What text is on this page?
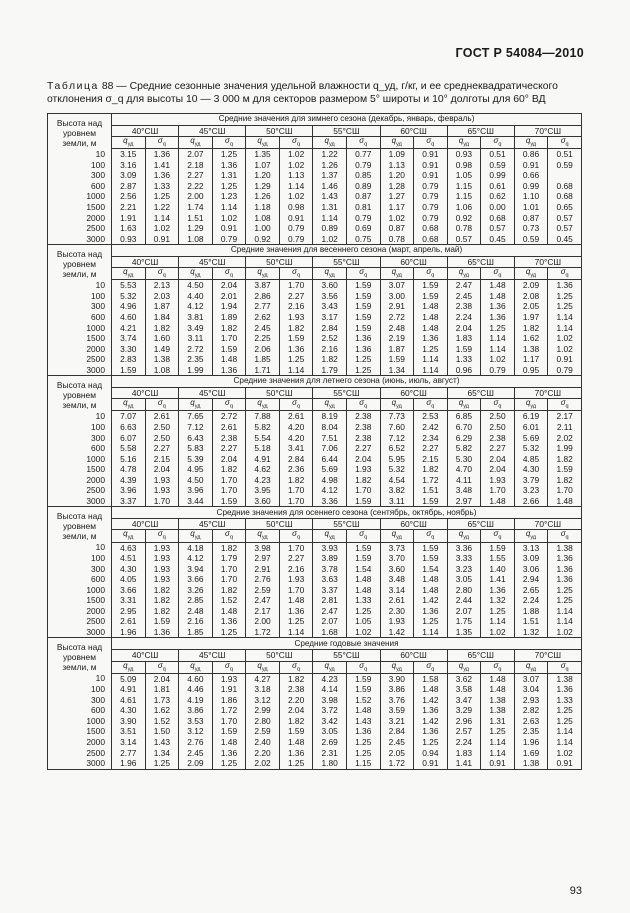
ГОСТ Р 54084—2010
Таблица 88 — Средние сезонные значения удельной влажности q_уд, г/кг, и ее среднеквадратического отклонения σ_q для высоты 10 — 3 000 м для секторов размером 5° широты и 10° долготы для 60° ВД
Высота над уровнем земли, м	Средние значения для зимнего сезона (декабрь, январь, февраль)													
	40°СШ		45°СШ		50°СШ		55°СШ		60°СШ		65°СШ		70°СШ	
	$q_{уд}$	$\sigma_q$	$q_{уд}$	$\sigma_q$	$q_{уд}$	$\sigma_q$	$q_{уд}$	$\sigma_q$	$q_{уд}$	$\sigma_q$	$q_{уд}$	$\sigma_q$	$q_{уд}$	$\sigma_q$
10	3.15	1.36	2.07	1.25	1.35	1.02	1.22	0.77	1.09	0.91	0.93	0.51	0.86	0.51
100	3.16	1.41	2.18	1.36	1.07	1.02	1.26	0.79	1.13	0.91	0.98	0.59	0.91	0.59
300	3.09	1.36	2.27	1.31	1.20	1.13	1.37	0.85	1.20	0.91	1.05	0.99	0.66	
600	2.87	1.33	2.22	1.25	1.29	1.14	1.46	0.89	1.28	0.79	1.15	0.61	0.99	0.68
1000	2.56	1.25	2.00	1.23	1.26	1.02	1.43	0.87	1.27	0.79	1.15	0.62	1.10	0.68
1500	2.21	1.22	1.74	1.14	1.18	0.98	1.31	0.81	1.17	0.79	1.06	0.00	1.01	0.65
2000	1.91	1.14	1.51	1.02	1.08	0.91	1.14	0.79	1.02	0.79	0.92	0.68	0.87	0.57
2500	1.63	1.02	1.29	0.91	1.00	0.79	0.89	0.69	0.87	0.68	0.78	0.57	0.73	0.57
3000	0.93	0.91	1.08	0.79	0.92	0.79	1.02	0.75	0.78	0.68	0.57	0.45	0.59	0.45
Высота над уровнем земли, м	Средние значения для весеннего сезона (март, апрель, май)													
	40°СШ		45°СШ		50°СШ		55°СШ		60°СШ		65°СШ		70°СШ	
	$q_{уд}$	$\sigma_q$	$q_{уд}$	$\sigma_q$	$q_{уд}$	$\sigma_q$	$q_{уд}$	$\sigma_q$	$q_{уд}$	$\sigma_q$	$q_{уд}$	$\sigma_q$	$q_{уд}$	$\sigma_q$
10	5.53	2.13	4.50	2.04	3.87	1.70	3.60	1.59	3.07	1.59	2.47	1.48	2.09	1.36
100	5.32	2.03	4.40	2.01	2.86	2.27	3.56	1.59	3.00	1.59	2.45	1.48	2.08	1.25
300	4.96	1.87	4.12	1.94	2.77	2.16	3.43	1.59	2.91	1.48	2.38	1.36	2.05	1.25
600	4.60	1.84	3.81	1.89	2.62	1.93	3.17	1.59	2.72	1.48	2.24	1.36	1.97	1.14
1000	4.21	1.82	3.49	1.82	2.45	1.82	2.84	1.59	2.48	1.48	2.04	1.25	1.82	1.14
1500	3.74	1.60	3.11	1.70	2.25	1.59	2.52	1.36	2.19	1.36	1.83	1.14	1.62	1.02
2000	3.30	1.49	2.72	1.59	2.06	1.36	2.16	1.36	1.87	1.25	1.59	1.14	1.38	1.02
2500	2.83	1.38	2.35	1.48	1.85	1.25	1.82	1.25	1.59	1.14	1.33	1.02	1.17	0.91
3000	1.59	1.08	1.99	1.36	1.71	1.14	1.79	1.25	1.34	1.14	0.96	0.79	0.95	0.79
Высота над уровнем земли, м	Средние значения для летнего сезона (июнь, июль, август)													
	40°СШ		45°СШ		50°СШ		55°СШ		60°СШ		65°СШ		70°СШ	
	$q_{уд}$	$\sigma_q$	$q_{уд}$	$\sigma_q$	$q_{уд}$	$\sigma_q$	$q_{уд}$	$\sigma_q$	$q_{уд}$	$\sigma_q$	$q_{уд}$	$\sigma_q$	$q_{уд}$	$\sigma_q$
10	7.07	2.61	7.65	2.72	7.88	2.61	8.19	2.38	7.73	2.53	6.85	2.50	6.19	2.17
100	6.63	2.50	7.12	2.61	5.82	4.20	8.04	2.38	7.60	2.42	6.70	2.50	6.01	2.11
300	6.07	2.50	6.43	2.38	5.54	4.20	7.51	2.38	7.12	2.34	6.29	2.38	5.69	2.02
600	5.58	2.27	5.83	2.27	5.18	3.41	7.06	2.27	6.52	2.27	5.82	2.27	5.32	1.99
1000	5.16	2.15	5.39	2.04	4.91	2.84	6.44	2.04	5.95	2.15	5.30	2.04	4.85	1.82
1500	4.78	2.04	4.95	1.82	4.62	2.36	5.69	1.93	5.32	1.82	4.70	2.04	4.30	1.59
2000	4.39	1.93	4.50	1.70	4.23	1.82	4.98	1.82	4.54	1.72	4.11	1.93	3.79	1.82
2500	3.96	1.93	3.96	1.70	3.95	1.70	4.12	1.70	3.82	1.51	3.48	1.70	3.23	1.70
3000	3.37	1.70	3.44	1.59	3.60	1.70	3.36	1.59	3.11	1.59	2.97	1.48	2.66	1.48
Высота над уровнем земли, м	Средние значения для осеннего сезона (сентябрь, октябрь, ноябрь)													
	40°СШ		45°СШ		50°СШ		55°СШ		60°СШ		65°СШ		70°СШ	
	$q_{уд}$	$\sigma_q$	$q_{уд}$	$\sigma_q$	$q_{уд}$	$\sigma_q$	$q_{уд}$	$\sigma_q$	$q_{уд}$	$\sigma_q$	$q_{уд}$	$\sigma_q$	$q_{уд}$	$\sigma_q$
10	4.63	1.93	4.18	1.82	3.98	1.70	3.93	1.59	3.73	1.59	3.36	1.59	3.13	1.38
100	4.51	1.93	4.12	1.79	2.97	2.27	3.89	1.59	3.70	1.59	3.33	1.55	3.09	1.36
300	4.30	1.93	3.94	1.70	2.91	2.16	3.78	1.54	3.60	1.54	3.23	1.40	3.06	1.36
600	4.05	1.93	3.66	1.70	2.76	1.93	3.63	1.48	3.48	1.48	3.05	1.41	2.94	1.36
1000	3.66	1.82	3.26	1.82	2.59	1.70	3.37	1.48	3.14	1.48	2.80	1.36	2.65	1.25
1500	3.31	1.82	2.85	1.52	2.47	1.48	2.81	1.33	2.61	1.42	2.44	1.32	2.24	1.25
2000	2.95	1.82	2.48	1.48	2.17	1.36	2.47	1.25	2.30	1.36	2.07	1.25	1.88	1.14
2500	2.61	1.59	2.16	1.36	2.00	1.25	2.07	1.05	1.93	1.25	1.75	1.14	1.51	1.14
3000	1.96	1.36	1.85	1.25	1.72	1.14	1.68	1.02	1.42	1.14	1.35	1.02	1.32	1.02
Высота над уровнем земли, м	Средние годовые значения													
	40°СШ		45°СШ		50°СШ		55°СШ		60°СШ		65°СШ		70°СШ	
	$q_{уд}$	$\sigma_q$	$q_{уд}$	$\sigma_q$	$q_{уд}$	$\sigma_q$	$q_{уд}$	$\sigma_q$	$q_{уд}$	$\sigma_q$	$q_{уд}$	$\sigma_q$	$q_{уд}$	$\sigma_q$
10	5.09	2.04	4.60	1.93	4.27	1.82	4.23	1.59	3.90	1.58	3.62	1.48	3.07	1.38
100	4.91	1.81	4.46	1.91	3.18	2.38	4.14	1.59	3.86	1.48	3.58	1.48	3.04	1.36
300	4.61	1.73	4.19	1.86	3.12	2.20	3.98	1.52	3.76	1.42	3.47	1.38	2.93	1.33
600	4.30	1.62	3.86	1.72	2.99	2.04	3.72	1.48	3.59	1.36	3.29	1.38	2.82	1.25
1000	3.90	1.52	3.53	1.70	2.80	1.82	3.42	1.43	3.21	1.42	2.96	1.31	2.63	1.25
1500	3.51	1.50	3.12	1.59	2.59	1.59	3.05	1.36	2.84	1.36	2.57	1.25	2.35	1.14
2000	3.14	1.43	2.76	1.48	2.40	1.48	2.69	1.25	2.45	1.25	2.24	1.14	1.96	1.14
2500	2.77	1.34	2.45	1.36	2.20	1.36	2.31	1.25	2.05	0.94	1.83	1.14	1.69	1.02
3000	1.96	1.25	2.09	1.25	2.02	1.25	1.80	1.15	1.72	0.91	1.41	0.91	1.38	0.91
93
